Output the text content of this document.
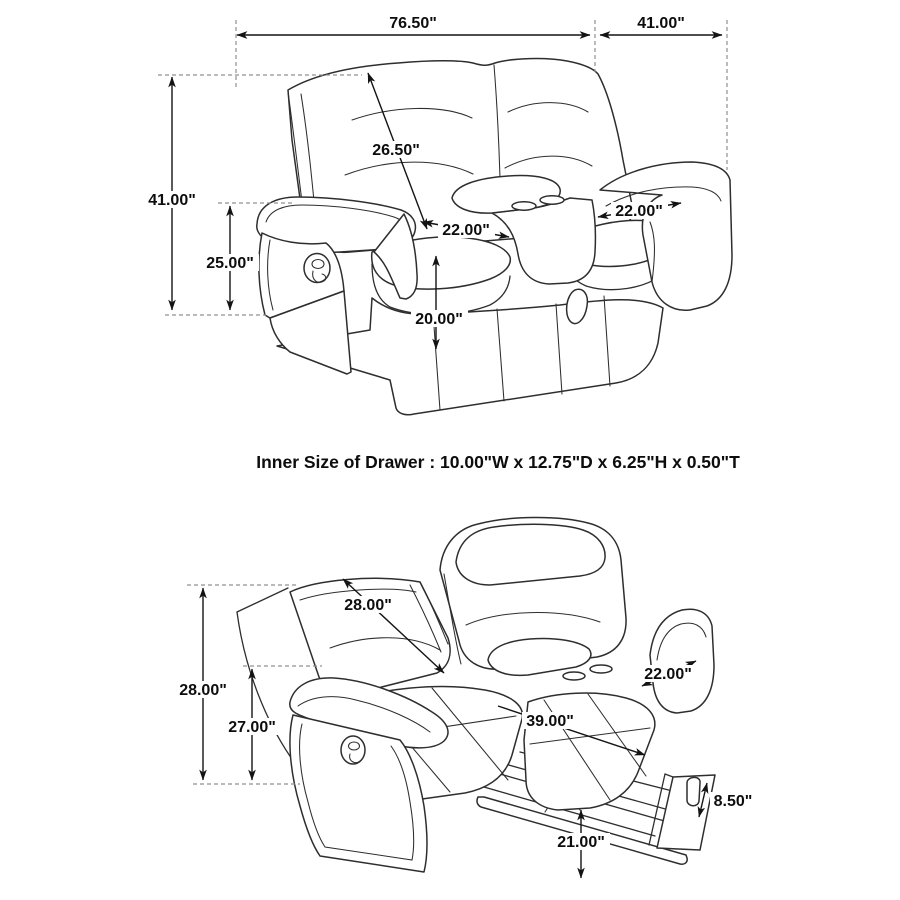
76.50"	41.00"
41.00"
25.00"
26.50"
22.00"
22.00"
20.00"
Inner Size of Drawer : 10.00"W x 12.75"D x 6.25"H x 0.50"T
28.00"
28.00"
27.00"
22.00"
39.00"
8.50"
21.00"
